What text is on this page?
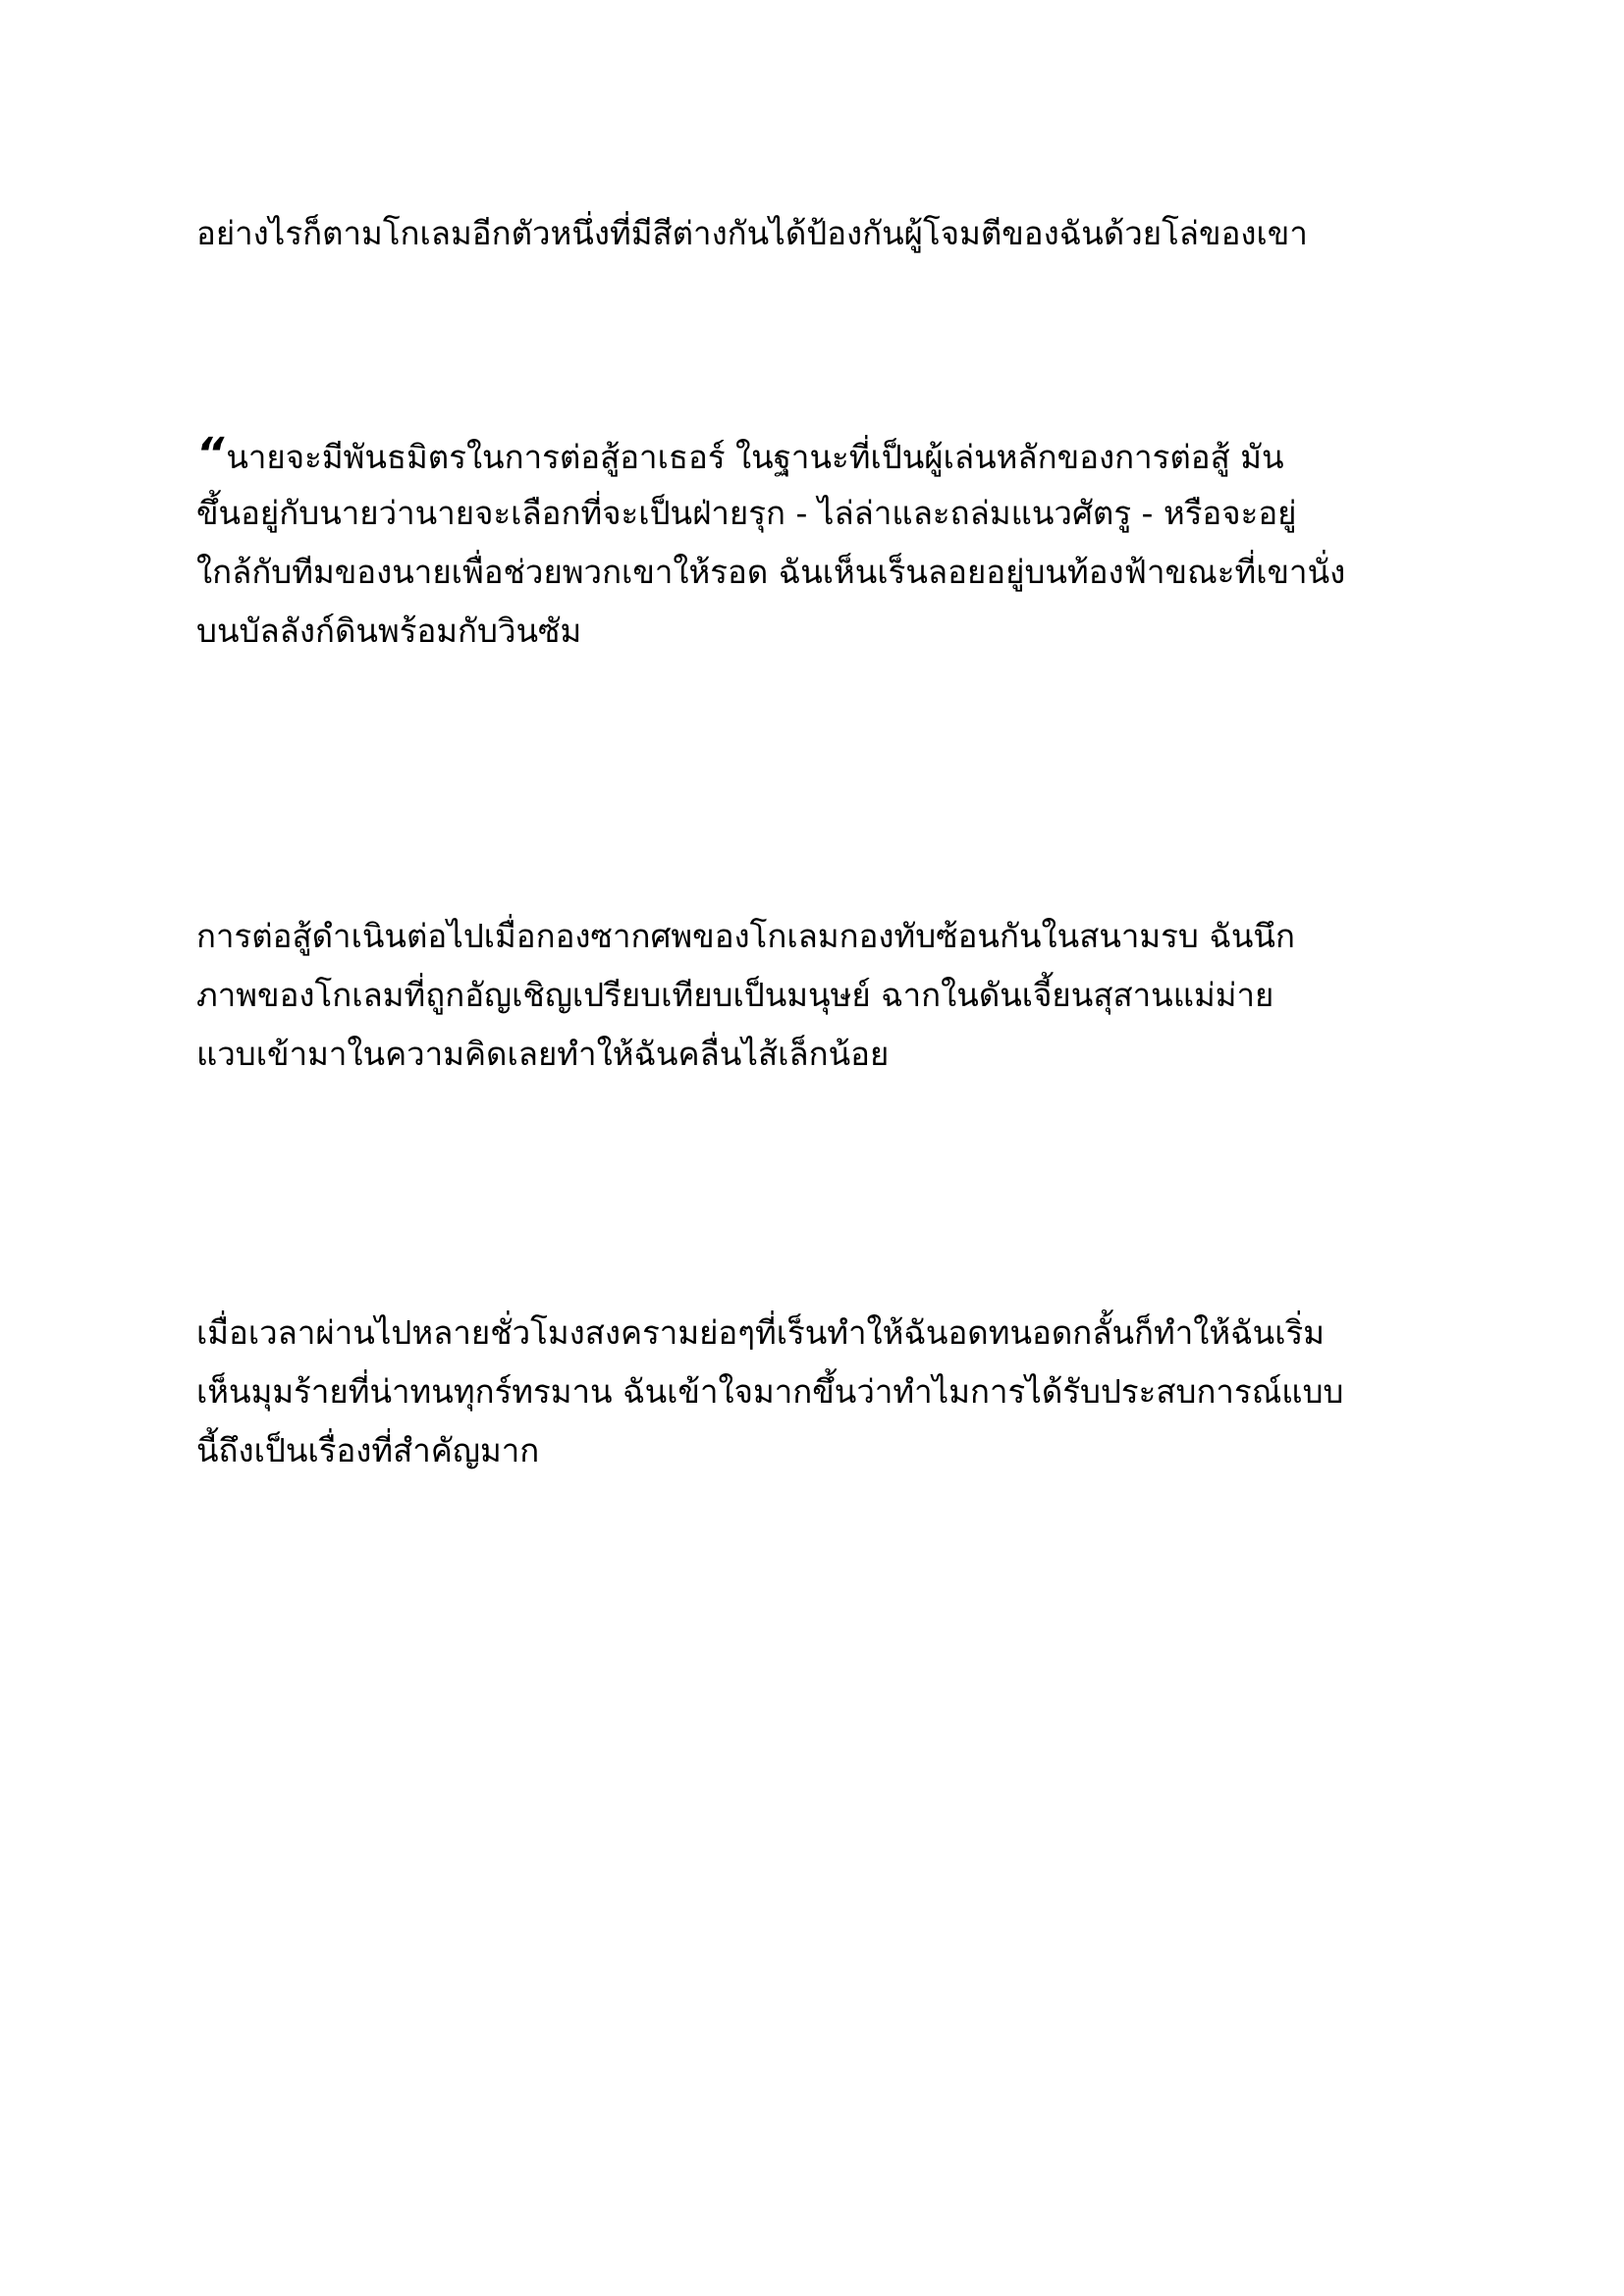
อย่างไรก็ตามโกเลมอีกตัวหนึ่งที่มีสีต่างกันได้ป้องกันผู้โจมตีของฉันด้วยโล่ของเขา
“นายจะมีพันธมิตรในการต่อสู้อาเธอร์ ในฐานะที่เป็นผู้เล่นหลักของการต่อสู้ มัน
ขึ้นอยู่กับนายว่านายจะเลือกที่จะเป็นฝ่ายรุก - ไล่ล่าและถล่มแนวศัตรู - หรือจะอยู่
ใกล้กับทีมของนายเพื่อช่วยพวกเขาให้รอด ฉันเห็นเร็นลอยอยู่บนท้องฟ้าขณะที่เขานั่ง
บนบัลลังก์ดินพร้อมกับวินซัม
การต่อสู้ดำเนินต่อไปเมื่อกองซากศพของโกเลมกองทับซ้อนกันในสนามรบ ฉันนึก
ภาพของโกเลมที่ถูกอัญเชิญเปรียบเทียบเป็นมนุษย์ ฉากในดันเจี้ยนสุสานแม่ม่าย
แวบเข้ามาในความคิดเลยทำให้ฉันคลื่นไส้เล็กน้อย
เมื่อเวลาผ่านไปหลายชั่วโมงสงครามย่อๆที่เร็นทำให้ฉันอดทนอดกลั้นก็ทำให้ฉันเริ่ม
เห็นมุมร้ายที่น่าทนทุกร์ทรมาน ฉันเข้าใจมากขึ้นว่าทำไมการได้รับประสบการณ์แบบ
นี้ถึงเป็นเรื่องที่สำคัญมาก
